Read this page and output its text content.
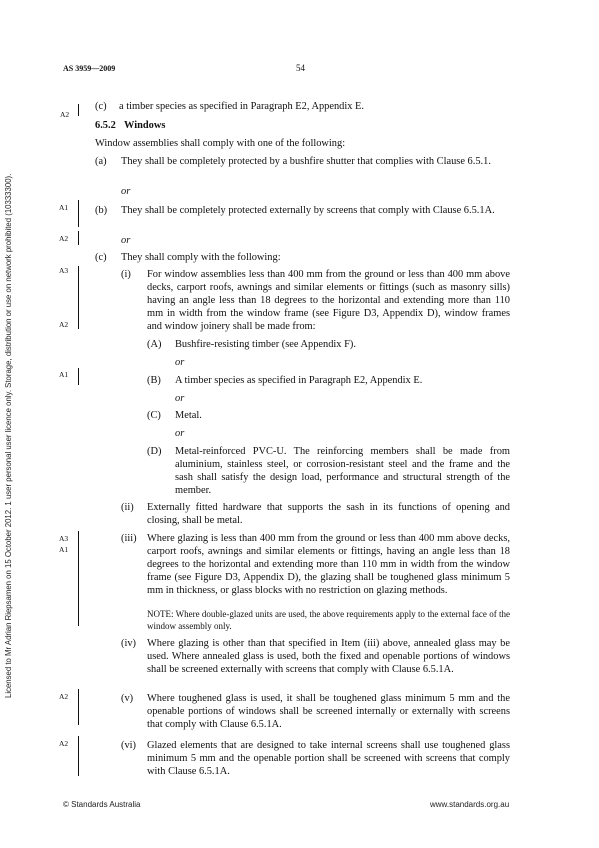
AS 3959—2009	54
Licensed to Mr Adrian Riepsamen on 15 October 2012. 1 user personal user licence only. Storage, distribution or use on network prohibited (10333300).
A2
A1
A2
A3
A2
A1
A3
A1
A2
A2
(c) a timber species as specified in Paragraph E2, Appendix E.
6.5.2 Windows
Window assemblies shall comply with one of the following:
(a) They shall be completely protected by a bushfire shutter that complies with Clause 6.5.1.

or
(b) They shall be completely protected externally by screens that comply with Clause 6.5.1A.

or
(c) They shall comply with the following:
(i) For window assemblies less than 400 mm from the ground or less than 400 mm above decks, carport roofs, awnings and similar elements or fittings (such as masonry sills) having an angle less than 18 degrees to the horizontal and extending more than 110 mm in width from the window frame (see Figure D3, Appendix D), window frames and window joinery shall be made from:

(A) Bushfire-resisting timber (see Appendix F).
or
(B) A timber species as specified in Paragraph E2, Appendix E.
or
(C) Metal.
or
(D) Metal-reinforced PVC-U. The reinforcing members shall be made from aluminium, stainless steel, or corrosion-resistant steel and the frame and the sash shall satisfy the design load, performance and structural strength of the member.

(ii) Externally fitted hardware that supports the sash in its functions of opening and closing, shall be metal.

(iii) Where glazing is less than 400 mm from the ground or less than 400 mm above decks, carport roofs, awnings and similar elements or fittings, having an angle less than 18 degrees to the horizontal and extending more than 110 mm in width from the window frame (see Figure D3, Appendix D), the glazing shall be toughened glass minimum 5 mm in thickness, or glass blocks with no restriction on glazing methods.

NOTE: Where double-glazed units are used, the above requirements apply to the external face of the window assembly only.

(iv) Where glazing is other than that specified in Item (iii) above, annealed glass may be used. Where annealed glass is used, both the fixed and openable portions of windows shall be screened externally with screens that comply with Clause 6.5.1A.

(v) Where toughened glass is used, it shall be toughened glass minimum 5 mm and the openable portions of windows shall be screened internally or externally with screens that comply with Clause 6.5.1A.

(vi) Glazed elements that are designed to take internal screens shall use toughened glass minimum 5 mm and the openable portion shall be screened with screens that comply with Clause 6.5.1A.

© Standards Australia	www.standards.org.au
